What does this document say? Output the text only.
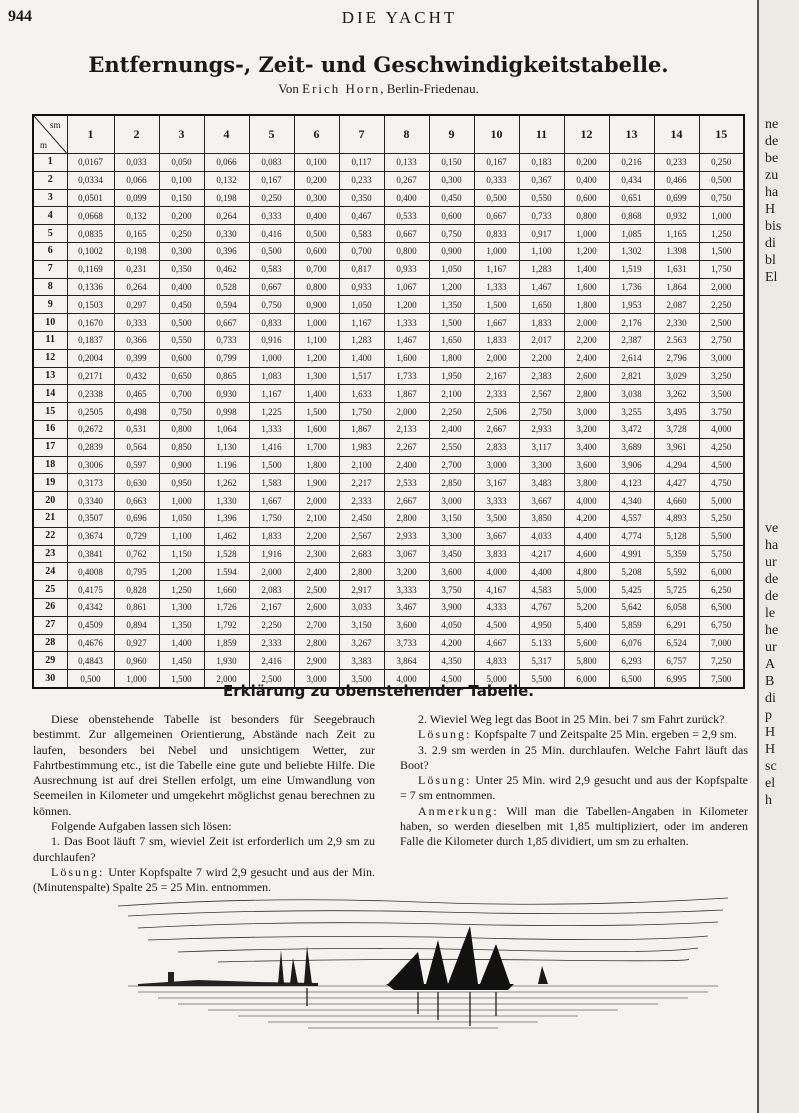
944	DIE YACHT
ne
de
be
zu
ha
H
bis
di
bl
El
ve
ha
ur
de
de
le
he
ur
A
B
di
p
H
H
sc
el
h
Entfernungs-, Zeit- und Geschwindigkeitstabelle.
Von Erich Horn, Berlin-Friedenau.
sm
m	1	2	3	4	5	6	7	8	9	10	11	12	13	14	15
1	0,0167	0,033	0,050	0,066	0,083	0,100	0,117	0,133	0,150	0,167	0,183	0,200	0,216	0,233	0,250
2	0,0334	0,066	0,100	0,132	0,167	0,200	0,233	0,267	0,300	0,333	0,367	0,400	0,434	0,466	0,500
3	0,0501	0,099	0,150	0,198	0,250	0,300	0,350	0,400	0,450	0,500	0,550	0,600	0,651	0,699	0,750
4	0,0668	0,132	0,200	0,264	0,333	0,400	0,467	0,533	0,600	0,667	0,733	0,800	0,868	0,932	1,000
5	0,0835	0,165	0,250	0,330	0,416	0,500	0,583	0,667	0,750	0,833	0,917	1,000	1,085	1,165	1,250
6	0,1002	0,198	0,300	0,396	0,500	0,600	0,700	0,800	0,900	1,000	1,100	1,200	1,302	1.398	1,500
7	0,1169	0,231	0,350	0,462	0,583	0,700	0,817	0,933	1,050	1,167	1,283	1,400	1,519	1,631	1,750
8	0,1336	0,264	0,400	0,528	0,667	0,800	0,933	1,067	1,200	1,333	1,467	1,600	1,736	1,864	2,000
9	0,1503	0,297	0,450	0,594	0,750	0,900	1,050	1,200	1,350	1,500	1,650	1,800	1,953	2,087	2,250
10	0,1670	0,333	0,500	0,667	0,833	1,000	1,167	1,333	1,500	1,667	1,833	2,000	2,176	2,330	2,500
11	0,1837	0,366	0,550	0,733	0,916	1,100	1,283	1,467	1,650	1,833	2,017	2,200	2,387	2.563	2,750
12	0,2004	0,399	0,600	0,799	1,000	1,200	1,400	1,600	1,800	2,000	2,200	2,400	2,614	2,796	3,000
13	0,2171	0,432	0,650	0,865	1,083	1,300	1,517	1,733	1,950	2,167	2,383	2,600	2,821	3,029	3,250
14	0,2338	0,465	0,700	0,930	1,167	1,400	1,633	1,867	2,100	2,333	2,567	2,800	3,038	3,262	3,500
15	0,2505	0,498	0,750	0,998	1,225	1,500	1,750	2,000	2,250	2,506	2,750	3,000	3,255	3,495	3.750
16	0,2672	0,531	0,800	1,064	1,333	1,600	1,867	2,133	2,400	2,667	2,933	3,200	3,472	3,728	4,000
17	0,2839	0,564	0,850	1,130	1,416	1,700	1,983	2,267	2,550	2,833	3,117	3,400	3,689	3,961	4,250
18	0,3006	0,597	0,900	1.196	1,500	1,800	2,100	2,400	2,700	3,000	3,300	3,600	3,906	4,294	4,500
19	0,3173	0,630	0,950	1,262	1,583	1,900	2,217	2,533	2,850	3,167	3,483	3,800	4,123	4,427	4,750
20	0,3340	0,663	1,000	1,330	1,667	2,000	2,333	2,667	3,000	3,333	3,667	4,000	4,340	4,660	5,000
21	0,3507	0,696	1,050	1,396	1,750	2,100	2,450	2,800	3,150	3,500	3,850	4,200	4,557	4,893	5,250
22	0,3674	0,729	1,100	1,462	1,833	2,200	2,567	2,933	3,300	3,667	4,033	4,400	4,774	5,128	5,500
23	0,3841	0,762	1,150	1,528	1,916	2,300	2,683	3,067	3,450	3,833	4,217	4,600	4,991	5,359	5,750
24	0,4008	0,795	1,200	1.594	2,000	2,400	2,800	3,200	3,600	4,000	4,400	4,800	5,208	5,592	6,000
25	0,4175	0,828	1,250	1,660	2,083	2,500	2,917	3,333	3,750	4,167	4,583	5,000	5,425	5,725	6,250
26	0,4342	0,861	1,300	1,726	2,167	2,600	3,033	3,467	3,900	4,333	4,767	5,200	5,642	6,058	6,500
27	0,4509	0,894	1,350	1,792	2,250	2,700	3,150	3,600	4,050	4,500	4,950	5,400	5,859	6,291	6,750
28	0,4676	0,927	1,400	1,859	2,333	2,800	3,267	3,733	4,200	4,667	5.133	5,600	6,076	6,524	7,000
29	0,4843	0,960	1,450	1,930	2,416	2,900	3,383	3,864	4,350	4,833	5,317	5,800	6,293	6,757	7,250
30	0,500	1,000	1,500	2,000	2,500	3,000	3,500	4,000	4,500	5,000	5,500	6,000	6,500	6,995	7,500
Erklärung zu obenstehender Tabelle.

Diese obenstehende Tabelle ist besonders für Seegebrauch bestimmt. Zur allgemeinen Orientierung, Abstände nach Zeit zu laufen, besonders bei Nebel und unsichtigem Wetter, zur Fahrtbestimmung etc., ist die Tabelle eine gute und beliebte Hilfe. Die Ausrechnung ist auf drei Stellen erfolgt, um eine Umwandlung von Seemeilen in Kilometer und umgekehrt möglichst genau berechnen zu können.

Folgende Aufgaben lassen sich lösen:

1. Das Boot läuft 7 sm, wieviel Zeit ist erforderlich um 2,9 sm zu durchlaufen?

Lösung: Unter Kopfspalte 7 wird 2,9 gesucht und aus der Min. (Minutenspalte) Spalte 25 = 25 Min. entnommen.

2. Wieviel Weg legt das Boot in 25 Min. bei 7 sm Fahrt zurück?

Lösung: Kopfspalte 7 und Zeitspalte 25 Min. ergeben = 2,9 sm.

3. 2.9 sm werden in 25 Min. durchlaufen. Welche Fahrt läuft das Boot?

Lösung: Unter 25 Min. wird 2,9 gesucht und aus der Kopfspalte = 7 sm entnommen.

Anmerkung: Will man die Tabellen-Angaben in Kilometer haben, so werden dieselben mit 1,85 multipliziert, oder im anderen Falle die Kilometer durch 1,85 dividiert, um sm zu erhalten.
